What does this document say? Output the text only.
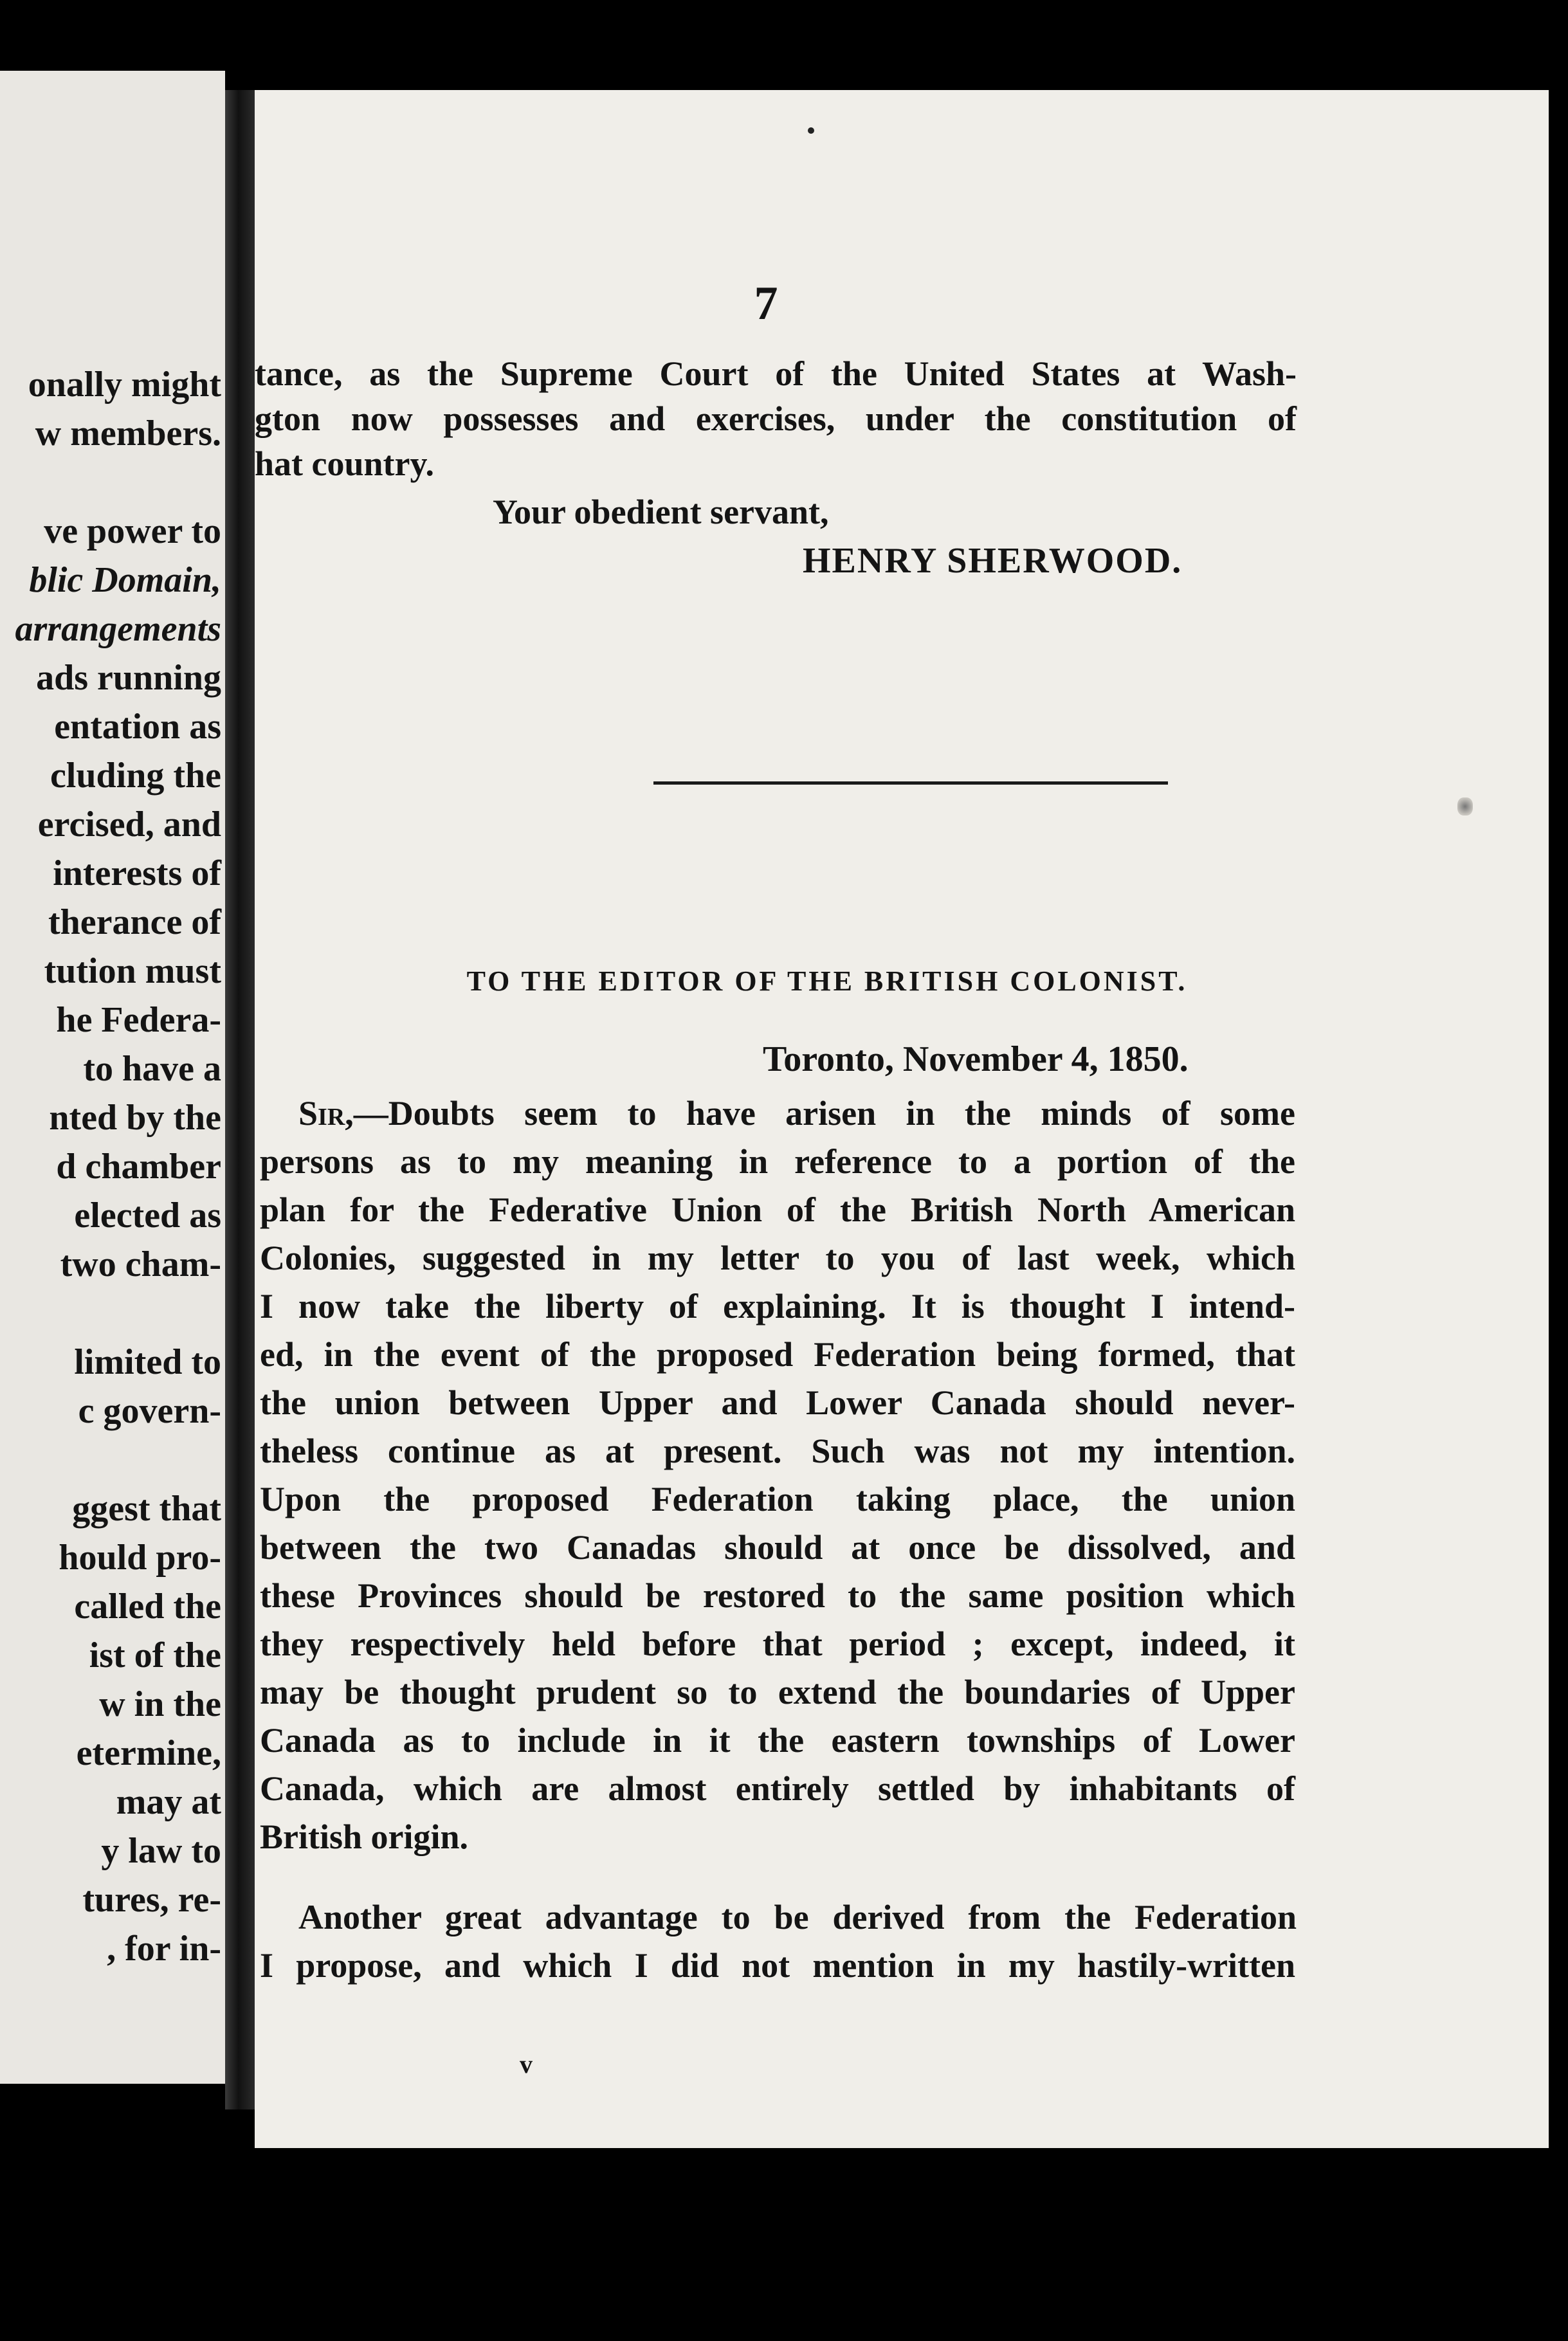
onally might
w members.
ve power to
blic Domain,
arrangements
ads running
entation as
cluding the
ercised, and
interests of
therance of
tution must
he Federa-
to have a
nted by the
d chamber
elected as
two cham-
limited to
c govern-
ggest that
hould pro-
called the
ist of the
w in the
etermine,
may at
y law to
tures, re-
, for in-
7
tance, as the Supreme Court of the United States at Wash-
gton now possesses and exercises, under the constitution of
hat country.
Your obedient servant,
HENRY SHERWOOD.
TO THE EDITOR OF THE BRITISH COLONIST.
Toronto, November 4, 1850.
Sir, —Doubts seem to have arisen in the minds of some
persons as to my meaning in reference to a portion of the
plan for the Federative Union of the British North American
Colonies, suggested in my letter to you of last week, which
I now take the liberty of explaining. It is thought I intend-
ed, in the event of the proposed Federation being formed, that
the union between Upper and Lower Canada should never-
theless continue as at present. Such was not my intention.
Upon the proposed Federation taking place, the union
between the two Canadas should at once be dissolved, and
these Provinces should be restored to the same position which
they respectively held before that period ; except, indeed, it
may be thought prudent so to extend the boundaries of Upper
Canada as to include in it the eastern townships of Lower
Canada, which are almost entirely settled by inhabitants of
British origin.
Another great advantage to be derived from the Federation
I propose, and which I did not mention in my hastily-written
v
